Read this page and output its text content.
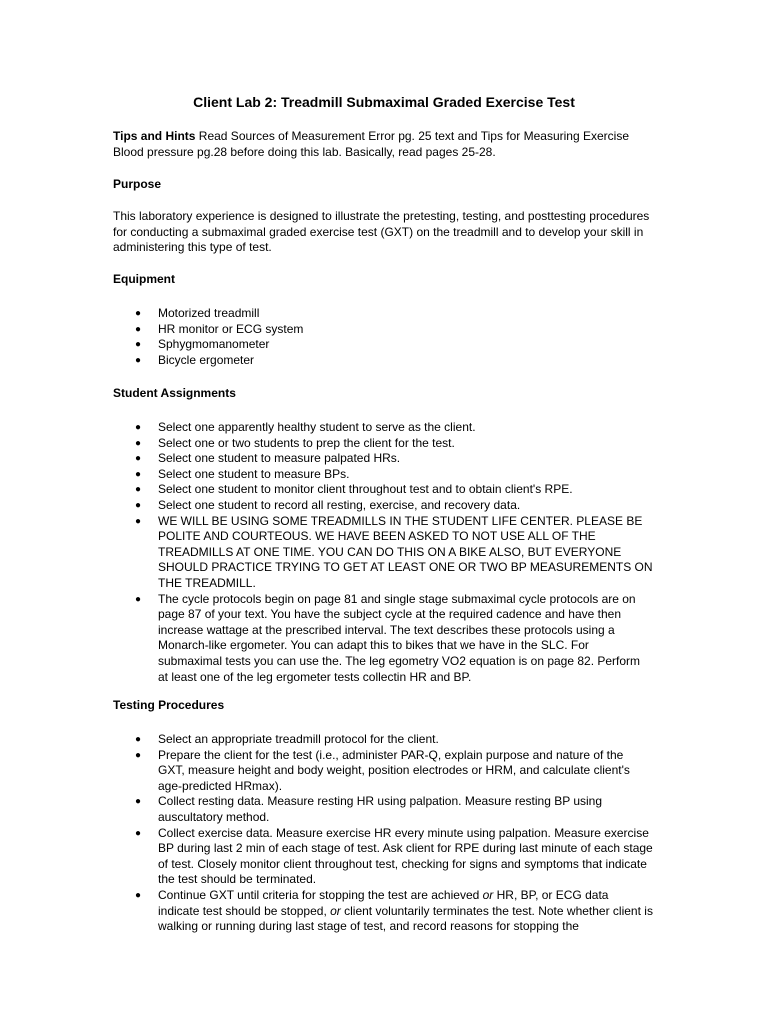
Client Lab 2: Treadmill Submaximal Graded Exercise Test
Tips and Hints Read Sources of Measurement Error pg. 25 text and Tips for Measuring Exercise Blood pressure pg.28 before doing this lab. Basically, read pages 25-28.
Purpose
This laboratory experience is designed to illustrate the pretesting, testing, and posttesting procedures for conducting a submaximal graded exercise test (GXT) on the treadmill and to develop your skill in administering this type of test.
Equipment
● Motorized treadmill
● HR monitor or ECG system
● Sphygmomanometer
● Bicycle ergometer
Student Assignments
● Select one apparently healthy student to serve as the client.
● Select one or two students to prep the client for the test.
● Select one student to measure palpated HRs.
● Select one student to measure BPs.
● Select one student to monitor client throughout test and to obtain client's RPE.
● Select one student to record all resting, exercise, and recovery data.
● WE WILL BE USING SOME TREADMILLS IN THE STUDENT LIFE CENTER. PLEASE BE POLITE AND COURTEOUS. WE HAVE BEEN ASKED TO NOT USE ALL OF THE TREADMILLS AT ONE TIME. YOU CAN DO THIS ON A BIKE ALSO, BUT EVERYONE SHOULD PRACTICE TRYING TO GET AT LEAST ONE OR TWO BP MEASUREMENTS ON THE TREADMILL.
● The cycle protocols begin on page 81 and single stage submaximal cycle protocols are on page 87 of your text. You have the subject cycle at the required cadence and have then increase wattage at the prescribed interval. The text describes these protocols using a Monarch-like ergometer. You can adapt this to bikes that we have in the SLC. For submaximal tests you can use the. The leg egometry VO2 equation is on page 82. Perform at least one of the leg ergometer tests collectin HR and BP.
Testing Procedures
● Select an appropriate treadmill protocol for the client.
● Prepare the client for the test (i.e., administer PAR-Q, explain purpose and nature of the GXT, measure height and body weight, position electrodes or HRM, and calculate client's age-predicted HRmax).
● Collect resting data. Measure resting HR using palpation. Measure resting BP using auscultatory method.
● Collect exercise data. Measure exercise HR every minute using palpation. Measure exercise BP during last 2 min of each stage of test. Ask client for RPE during last minute of each stage of test. Closely monitor client throughout test, checking for signs and symptoms that indicate the test should be terminated.
● Continue GXT until criteria for stopping the test are achieved or HR, BP, or ECG data indicate test should be stopped, or client voluntarily terminates the test. Note whether client is walking or running during last stage of test, and record reasons for stopping the
